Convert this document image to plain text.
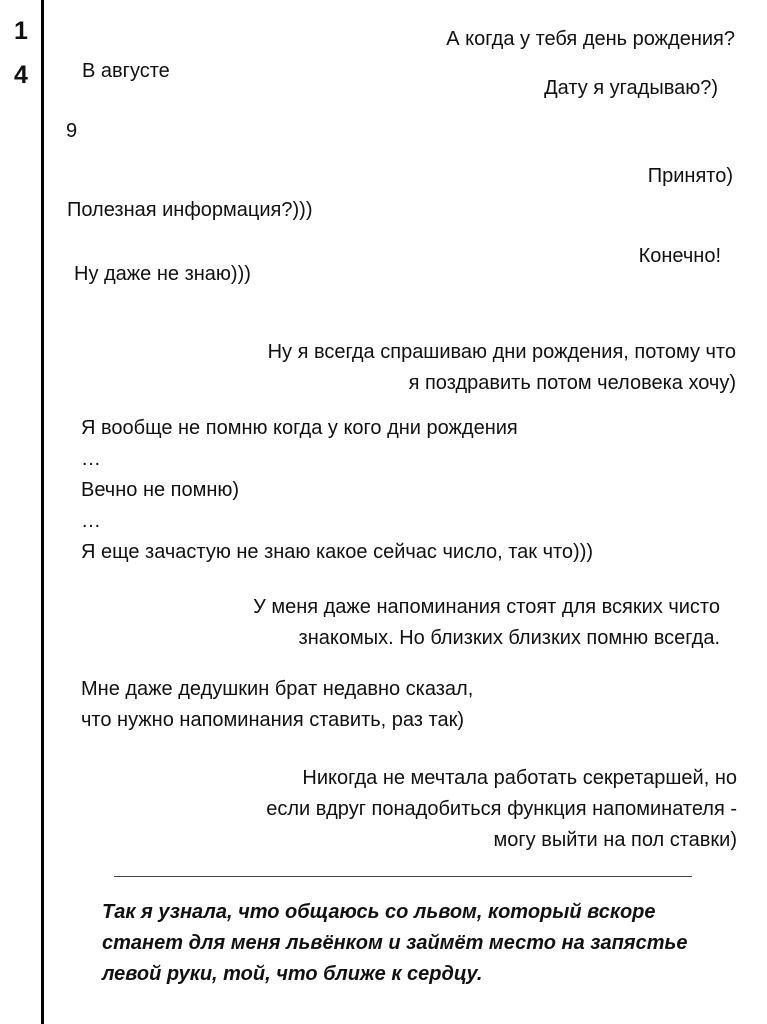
1
4
А когда у тебя день рождения?
В августе
Дату я угадываю?)
9
Принято)
Полезная информация?)))
Конечно!
Ну даже не знаю)))
Ну я всегда спрашиваю дни рождения, потому что
я поздравить потом человека хочу)
Я вообще не помню когда у кого дни рождения
…
Вечно не помню)
…
Я еще зачастую не знаю какое сейчас число, так что)))
У меня даже напоминания стоят для всяких чисто
знакомых. Но близких близких помню всегда.
Мне даже дедушкин брат недавно сказал,
что нужно напоминания ставить, раз так)
Никогда не мечтала работать секретаршей, но
если вдруг понадобиться функция напоминателя -
могу выйти на пол ставки)
Так я узнала, что общаюсь со львом, который вскоре станет для меня львёнком и займёт место на запястье левой руки, той, что ближе к сердцу.
